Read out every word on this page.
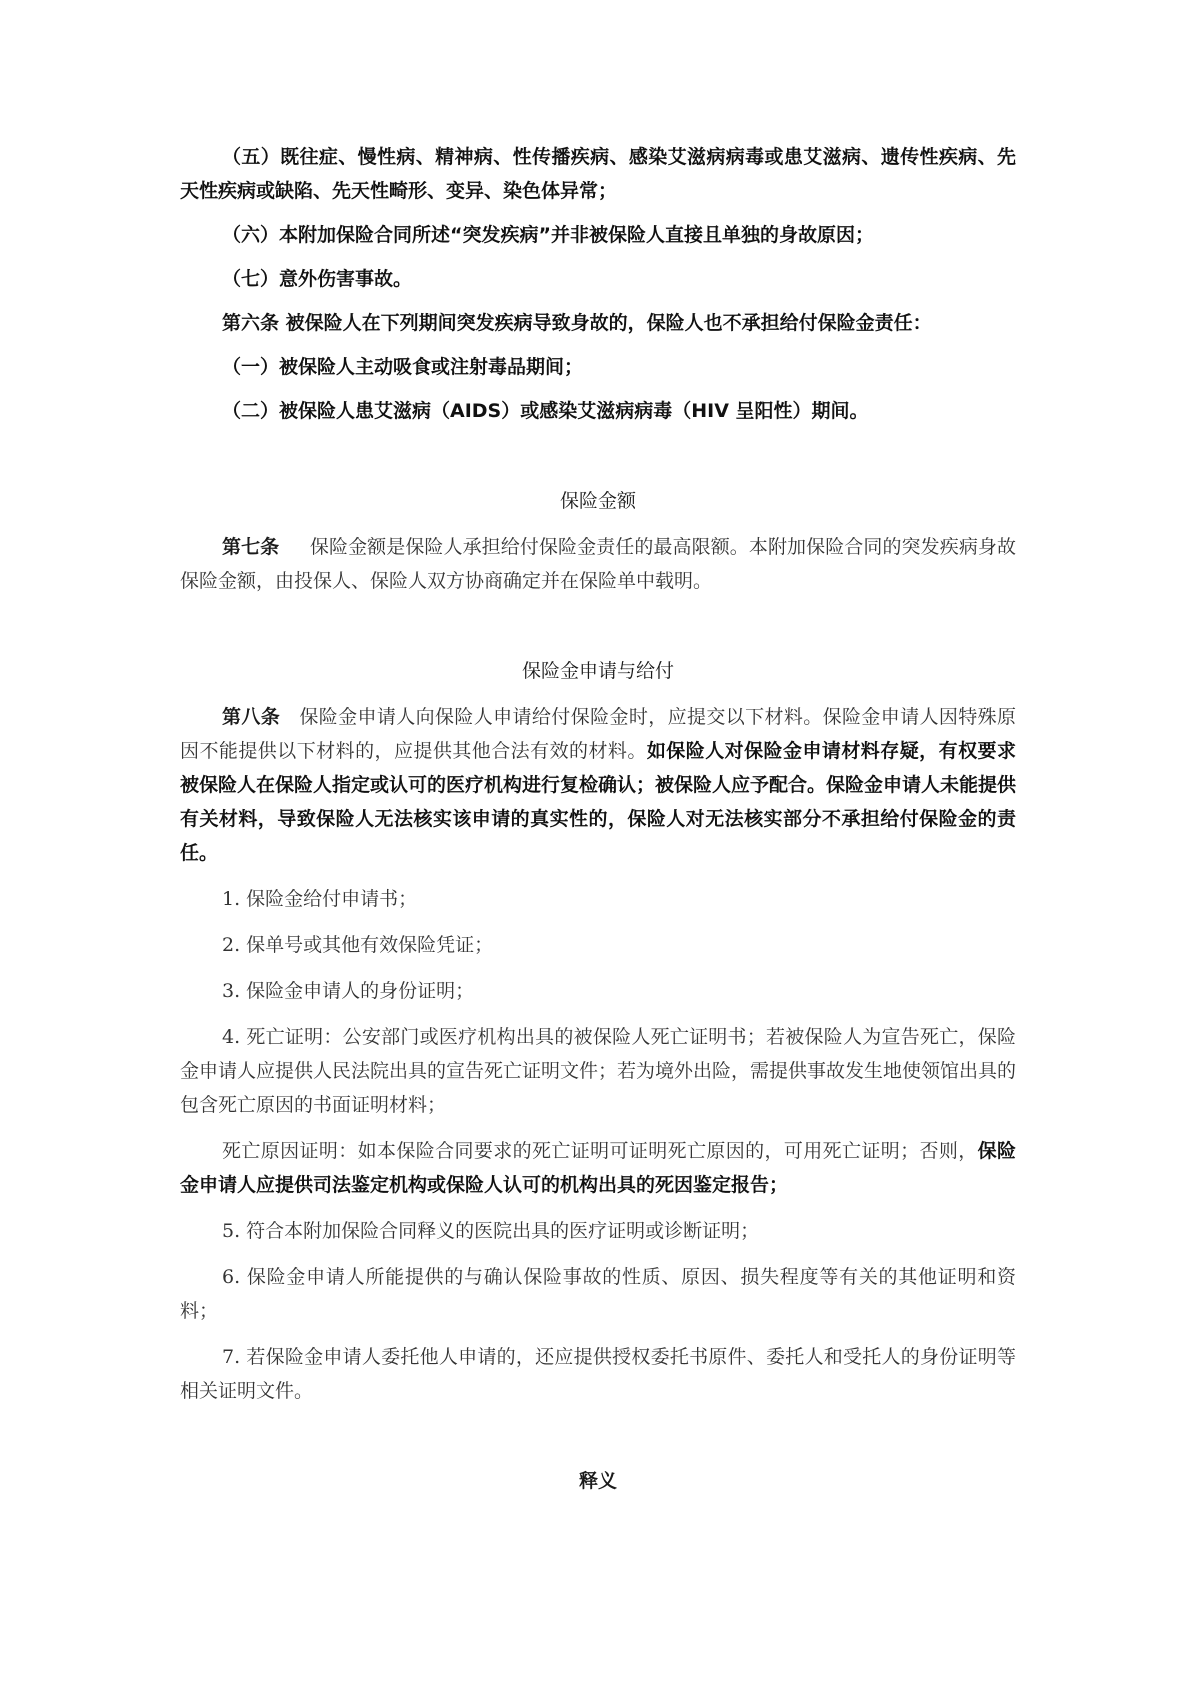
（五）既往症、慢性病、精神病、性传播疾病、感染艾滋病病毒或患艾滋病、遗传性疾病、先天性疾病或缺陷、先天性畸形、变异、染色体异常；

（六）本附加保险合同所述“突发疾病”并非被保险人直接且单独的身故原因；

（七）意外伤害事故。

第六条 被保险人在下列期间突发疾病导致身故的，保险人也不承担给付保险金责任：

（一）被保险人主动吸食或注射毒品期间；

（二）被保险人患艾滋病（AIDS）或感染艾滋病病毒（HIV 呈阳性）期间。

保险金额

第七条 保险金额是保险人承担给付保险金责任的最高限额。本附加保险合同的突发疾病身故保险金额，由投保人、保险人双方协商确定并在保险单中载明。

保险金申请与给付

第八条 保险金申请人向保险人申请给付保险金时，应提交以下材料。保险金申请人因特殊原因不能提供以下材料的，应提供其他合法有效的材料。如保险人对保险金申请材料存疑，有权要求被保险人在保险人指定或认可的医疗机构进行复检确认；被保险人应予配合。保险金申请人未能提供有关材料，导致保险人无法核实该申请的真实性的，保险人对无法核实部分不承担给付保险金的责任。

1. 保险金给付申请书；

2. 保单号或其他有效保险凭证；

3. 保险金申请人的身份证明；

4. 死亡证明：公安部门或医疗机构出具的被保险人死亡证明书；若被保险人为宣告死亡，保险金申请人应提供人民法院出具的宣告死亡证明文件；若为境外出险，需提供事故发生地使领馆出具的包含死亡原因的书面证明材料；

死亡原因证明：如本保险合同要求的死亡证明可证明死亡原因的，可用死亡证明；否则，保险金申请人应提供司法鉴定机构或保险人认可的机构出具的死因鉴定报告；

5. 符合本附加保险合同释义的医院出具的医疗证明或诊断证明；

6. 保险金申请人所能提供的与确认保险事故的性质、原因、损失程度等有关的其他证明和资料；

7. 若保险金申请人委托他人申请的，还应提供授权委托书原件、委托人和受托人的身份证明等相关证明文件。

释义
